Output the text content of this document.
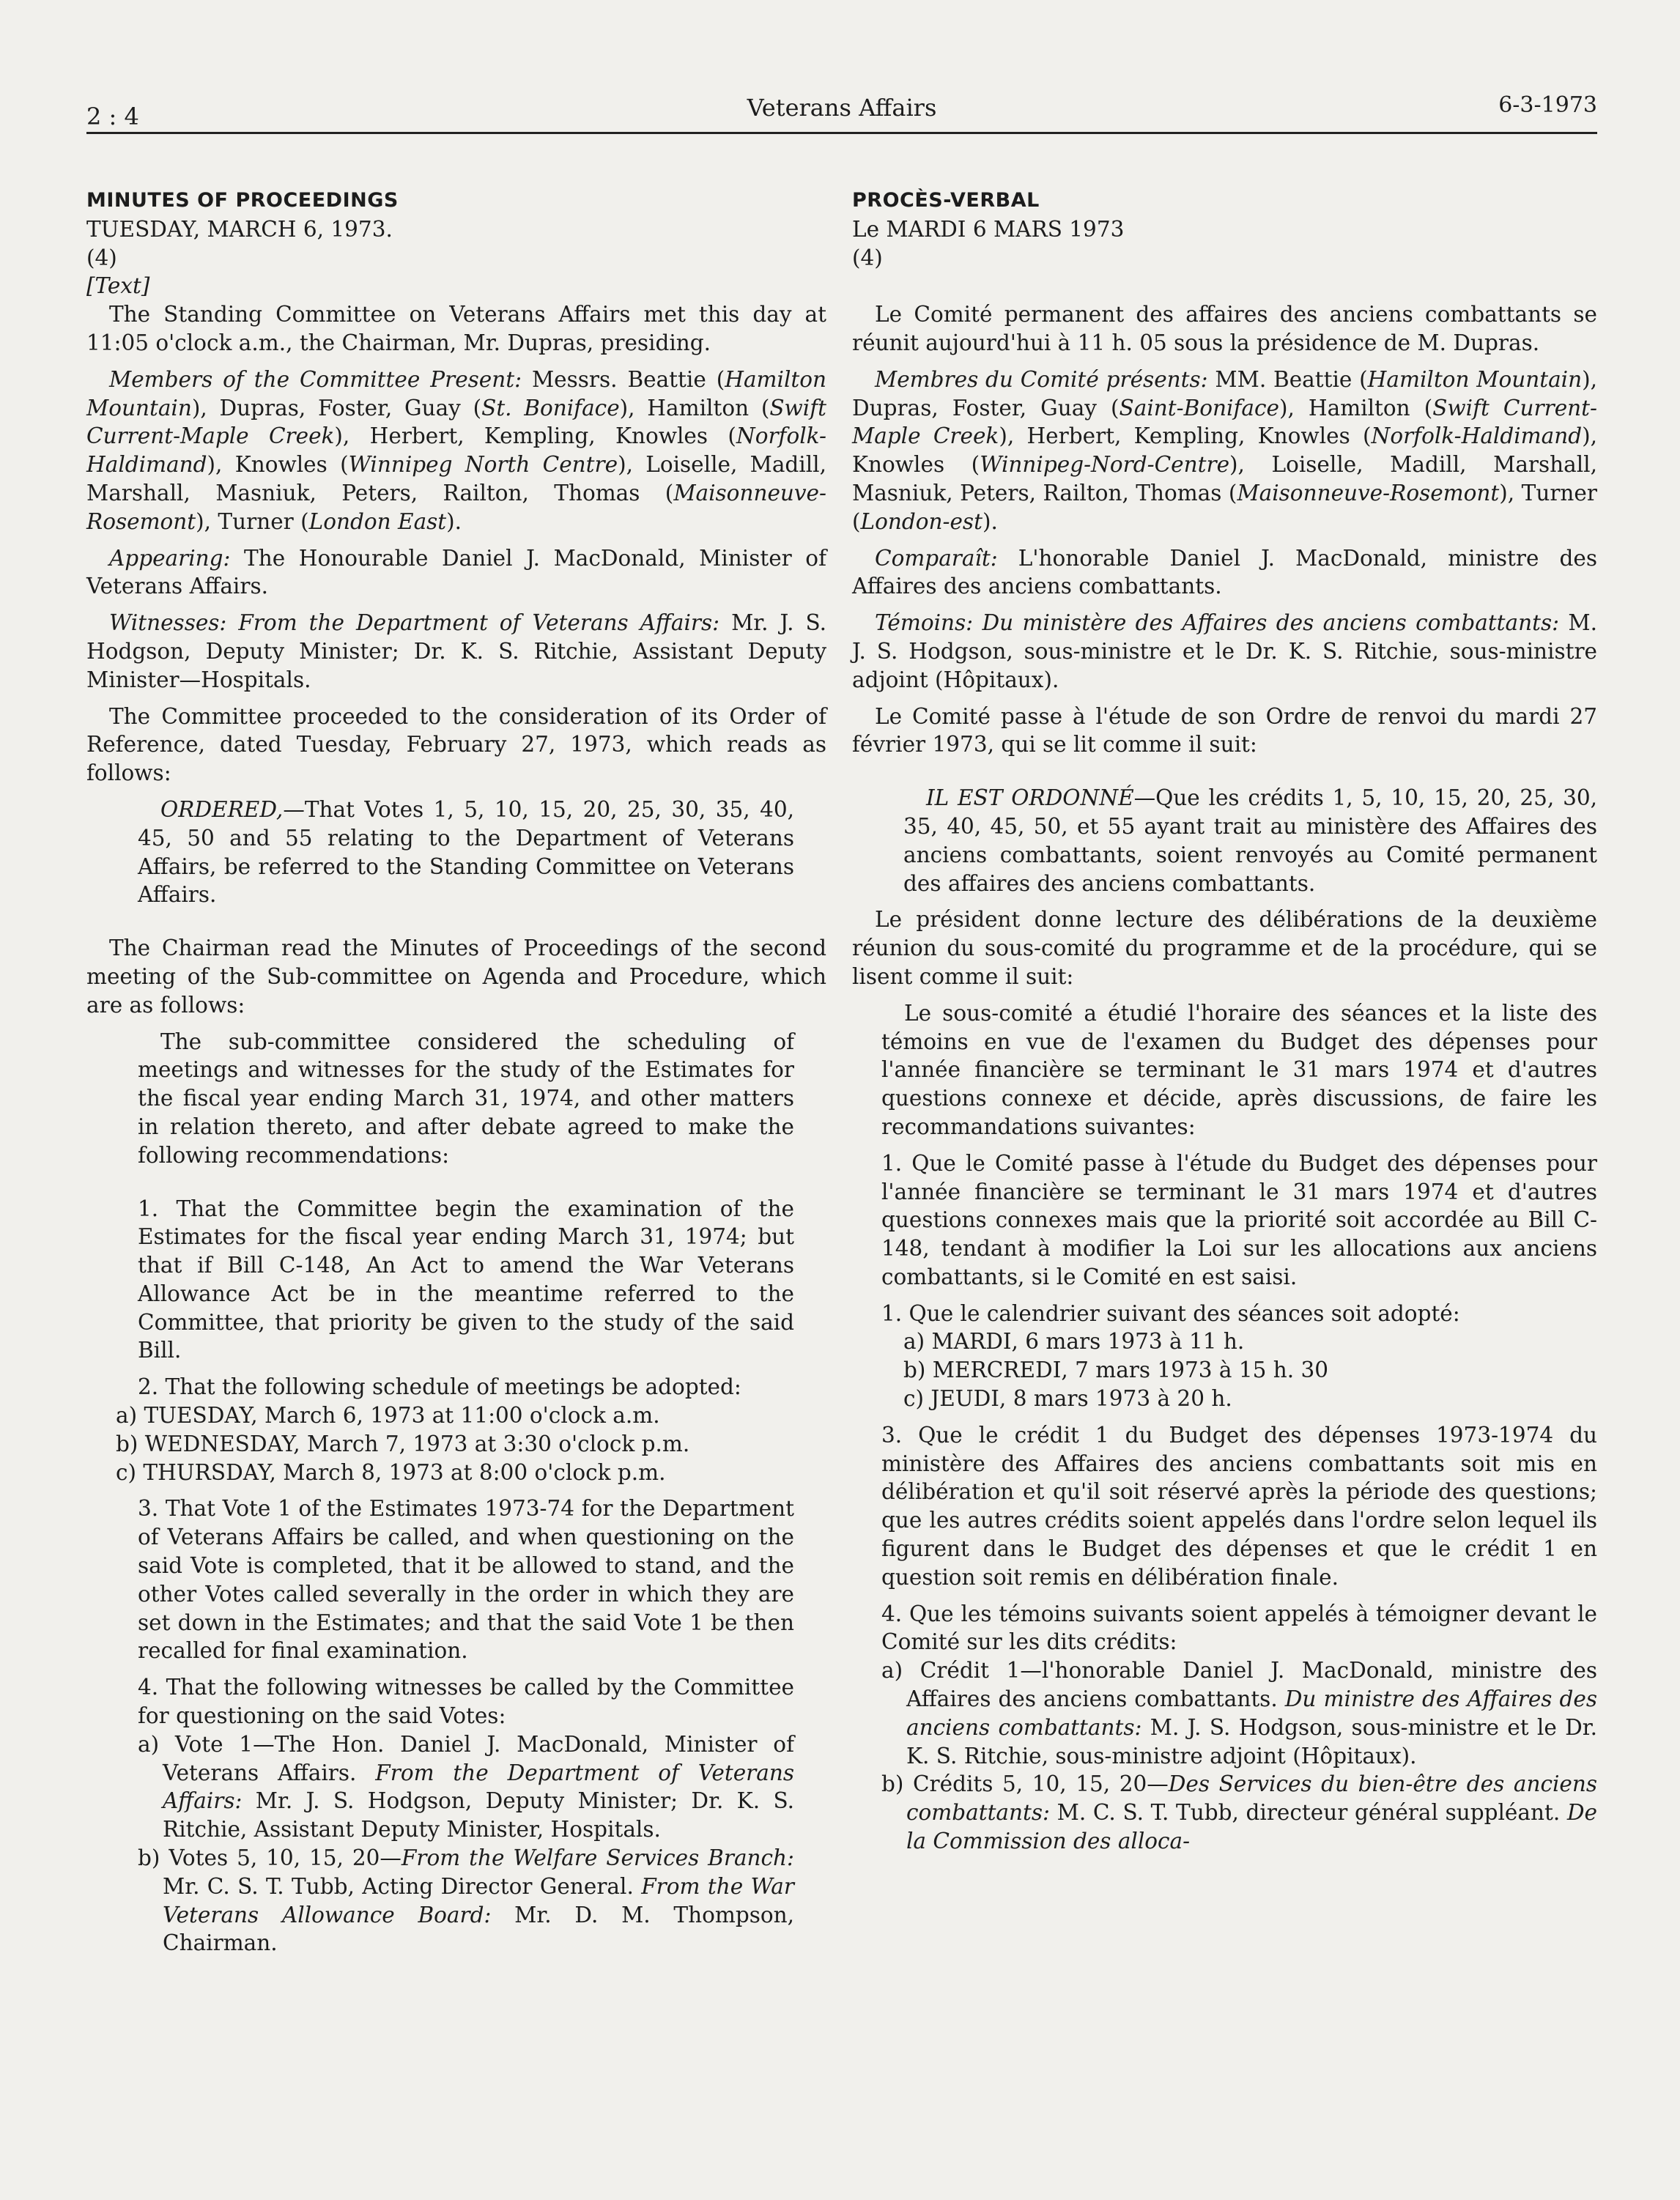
2 : 4	Veterans Affairs	6-3-1973

MINUTES OF PROCEEDINGS

TUESDAY, MARCH 6, 1973.

(4)

[Text]

The Standing Committee on Veterans Affairs met this day at 11:05 o'clock a.m., the Chairman, Mr. Dupras, presiding.

Members of the Committee Present: Messrs. Beattie (Hamilton Mountain), Dupras, Foster, Guay (St. Boniface), Hamilton (Swift Current-Maple Creek), Herbert, Kempling, Knowles (Norfolk-Haldimand), Knowles (Winnipeg North Centre), Loiselle, Madill, Marshall, Masniuk, Peters, Railton, Thomas (Maisonneuve-Rosemont), Turner (London East).

Appearing: The Honourable Daniel J. MacDonald, Minister of Veterans Affairs.

Witnesses: From the Department of Veterans Affairs: Mr. J. S. Hodgson, Deputy Minister; Dr. K. S. Ritchie, Assistant Deputy Minister—Hospitals.

The Committee proceeded to the consideration of its Order of Reference, dated Tuesday, February 27, 1973, which reads as follows:

ORDERED,—That Votes 1, 5, 10, 15, 20, 25, 30, 35, 40, 45, 50 and 55 relating to the Department of Veterans Affairs, be referred to the Standing Committee on Veterans Affairs.

The Chairman read the Minutes of Proceedings of the second meeting of the Sub-committee on Agenda and Procedure, which are as follows:

The sub-committee considered the scheduling of meetings and witnesses for the study of the Estimates for the fiscal year ending March 31, 1974, and other matters in relation thereto, and after debate agreed to make the following recommendations:

1. That the Committee begin the examination of the Estimates for the fiscal year ending March 31, 1974; but that if Bill C-148, An Act to amend the War Veterans Allowance Act be in the meantime referred to the Committee, that priority be given to the study of the said Bill.

2. That the following schedule of meetings be adopted:

a) TUESDAY, March 6, 1973 at 11:00 o'clock a.m.

b) WEDNESDAY, March 7, 1973 at 3:30 o'clock p.m.

c) THURSDAY, March 8, 1973 at 8:00 o'clock p.m.

3. That Vote 1 of the Estimates 1973-74 for the Department of Veterans Affairs be called, and when questioning on the said Vote is completed, that it be allowed to stand, and the other Votes called severally in the order in which they are set down in the Estimates; and that the said Vote 1 be then recalled for final examination.

4. That the following witnesses be called by the Committee for questioning on the said Votes:

a) Vote 1—The Hon. Daniel J. MacDonald, Minister of Veterans Affairs. From the Department of Veterans Affairs: Mr. J. S. Hodgson, Deputy Minister; Dr. K. S. Ritchie, Assistant Deputy Minister, Hospitals.

b) Votes 5, 10, 15, 20—From the Welfare Services Branch: Mr. C. S. T. Tubb, Acting Director General. From the War Veterans Allowance Board: Mr. D. M. Thompson, Chairman.

PROCÈS-VERBAL

Le MARDI 6 MARS 1973

(4)

Le Comité permanent des affaires des anciens combattants se réunit aujourd'hui à 11 h. 05 sous la présidence de M. Dupras.

Membres du Comité présents: MM. Beattie (Hamilton Mountain), Dupras, Foster, Guay (Saint-Boniface), Hamilton (Swift Current-Maple Creek), Herbert, Kempling, Knowles (Norfolk-Haldimand), Knowles (Winnipeg-Nord-Centre), Loiselle, Madill, Marshall, Masniuk, Peters, Railton, Thomas (Maisonneuve-Rosemont), Turner (London-est).

Comparaît: L'honorable Daniel J. MacDonald, ministre des Affaires des anciens combattants.

Témoins: Du ministère des Affaires des anciens combattants: M. J. S. Hodgson, sous-ministre et le Dr. K. S. Ritchie, sous-ministre adjoint (Hôpitaux).

Le Comité passe à l'étude de son Ordre de renvoi du mardi 27 février 1973, qui se lit comme il suit:

IL EST ORDONNÉ—Que les crédits 1, 5, 10, 15, 20, 25, 30, 35, 40, 45, 50, et 55 ayant trait au ministère des Affaires des anciens combattants, soient renvoyés au Comité permanent des affaires des anciens combattants.

Le président donne lecture des délibérations de la deuxième réunion du sous-comité du programme et de la procédure, qui se lisent comme il suit:

Le sous-comité a étudié l'horaire des séances et la liste des témoins en vue de l'examen du Budget des dépenses pour l'année financière se terminant le 31 mars 1974 et d'autres questions connexe et décide, après discussions, de faire les recommandations suivantes:

1. Que le Comité passe à l'étude du Budget des dépenses pour l'année financière se terminant le 31 mars 1974 et d'autres questions connexes mais que la priorité soit accordée au Bill C-148, tendant à modifier la Loi sur les allocations aux anciens combattants, si le Comité en est saisi.

1. Que le calendrier suivant des séances soit adopté:

a) MARDI, 6 mars 1973 à 11 h.

b) MERCREDI, 7 mars 1973 à 15 h. 30

c) JEUDI, 8 mars 1973 à 20 h.

3. Que le crédit 1 du Budget des dépenses 1973-1974 du ministère des Affaires des anciens combattants soit mis en délibération et qu'il soit réservé après la période des questions; que les autres crédits soient appelés dans l'ordre selon lequel ils figurent dans le Budget des dépenses et que le crédit 1 en question soit remis en délibération finale.

4. Que les témoins suivants soient appelés à témoigner devant le Comité sur les dits crédits:

a) Crédit 1—l'honorable Daniel J. MacDonald, ministre des Affaires des anciens combattants. Du ministre des Affaires des anciens combattants: M. J. S. Hodgson, sous-ministre et le Dr. K. S. Ritchie, sous-ministre adjoint (Hôpitaux).

b) Crédits 5, 10, 15, 20—Des Services du bien-être des anciens combattants: M. C. S. T. Tubb, directeur général suppléant. De la Commission des alloca-
